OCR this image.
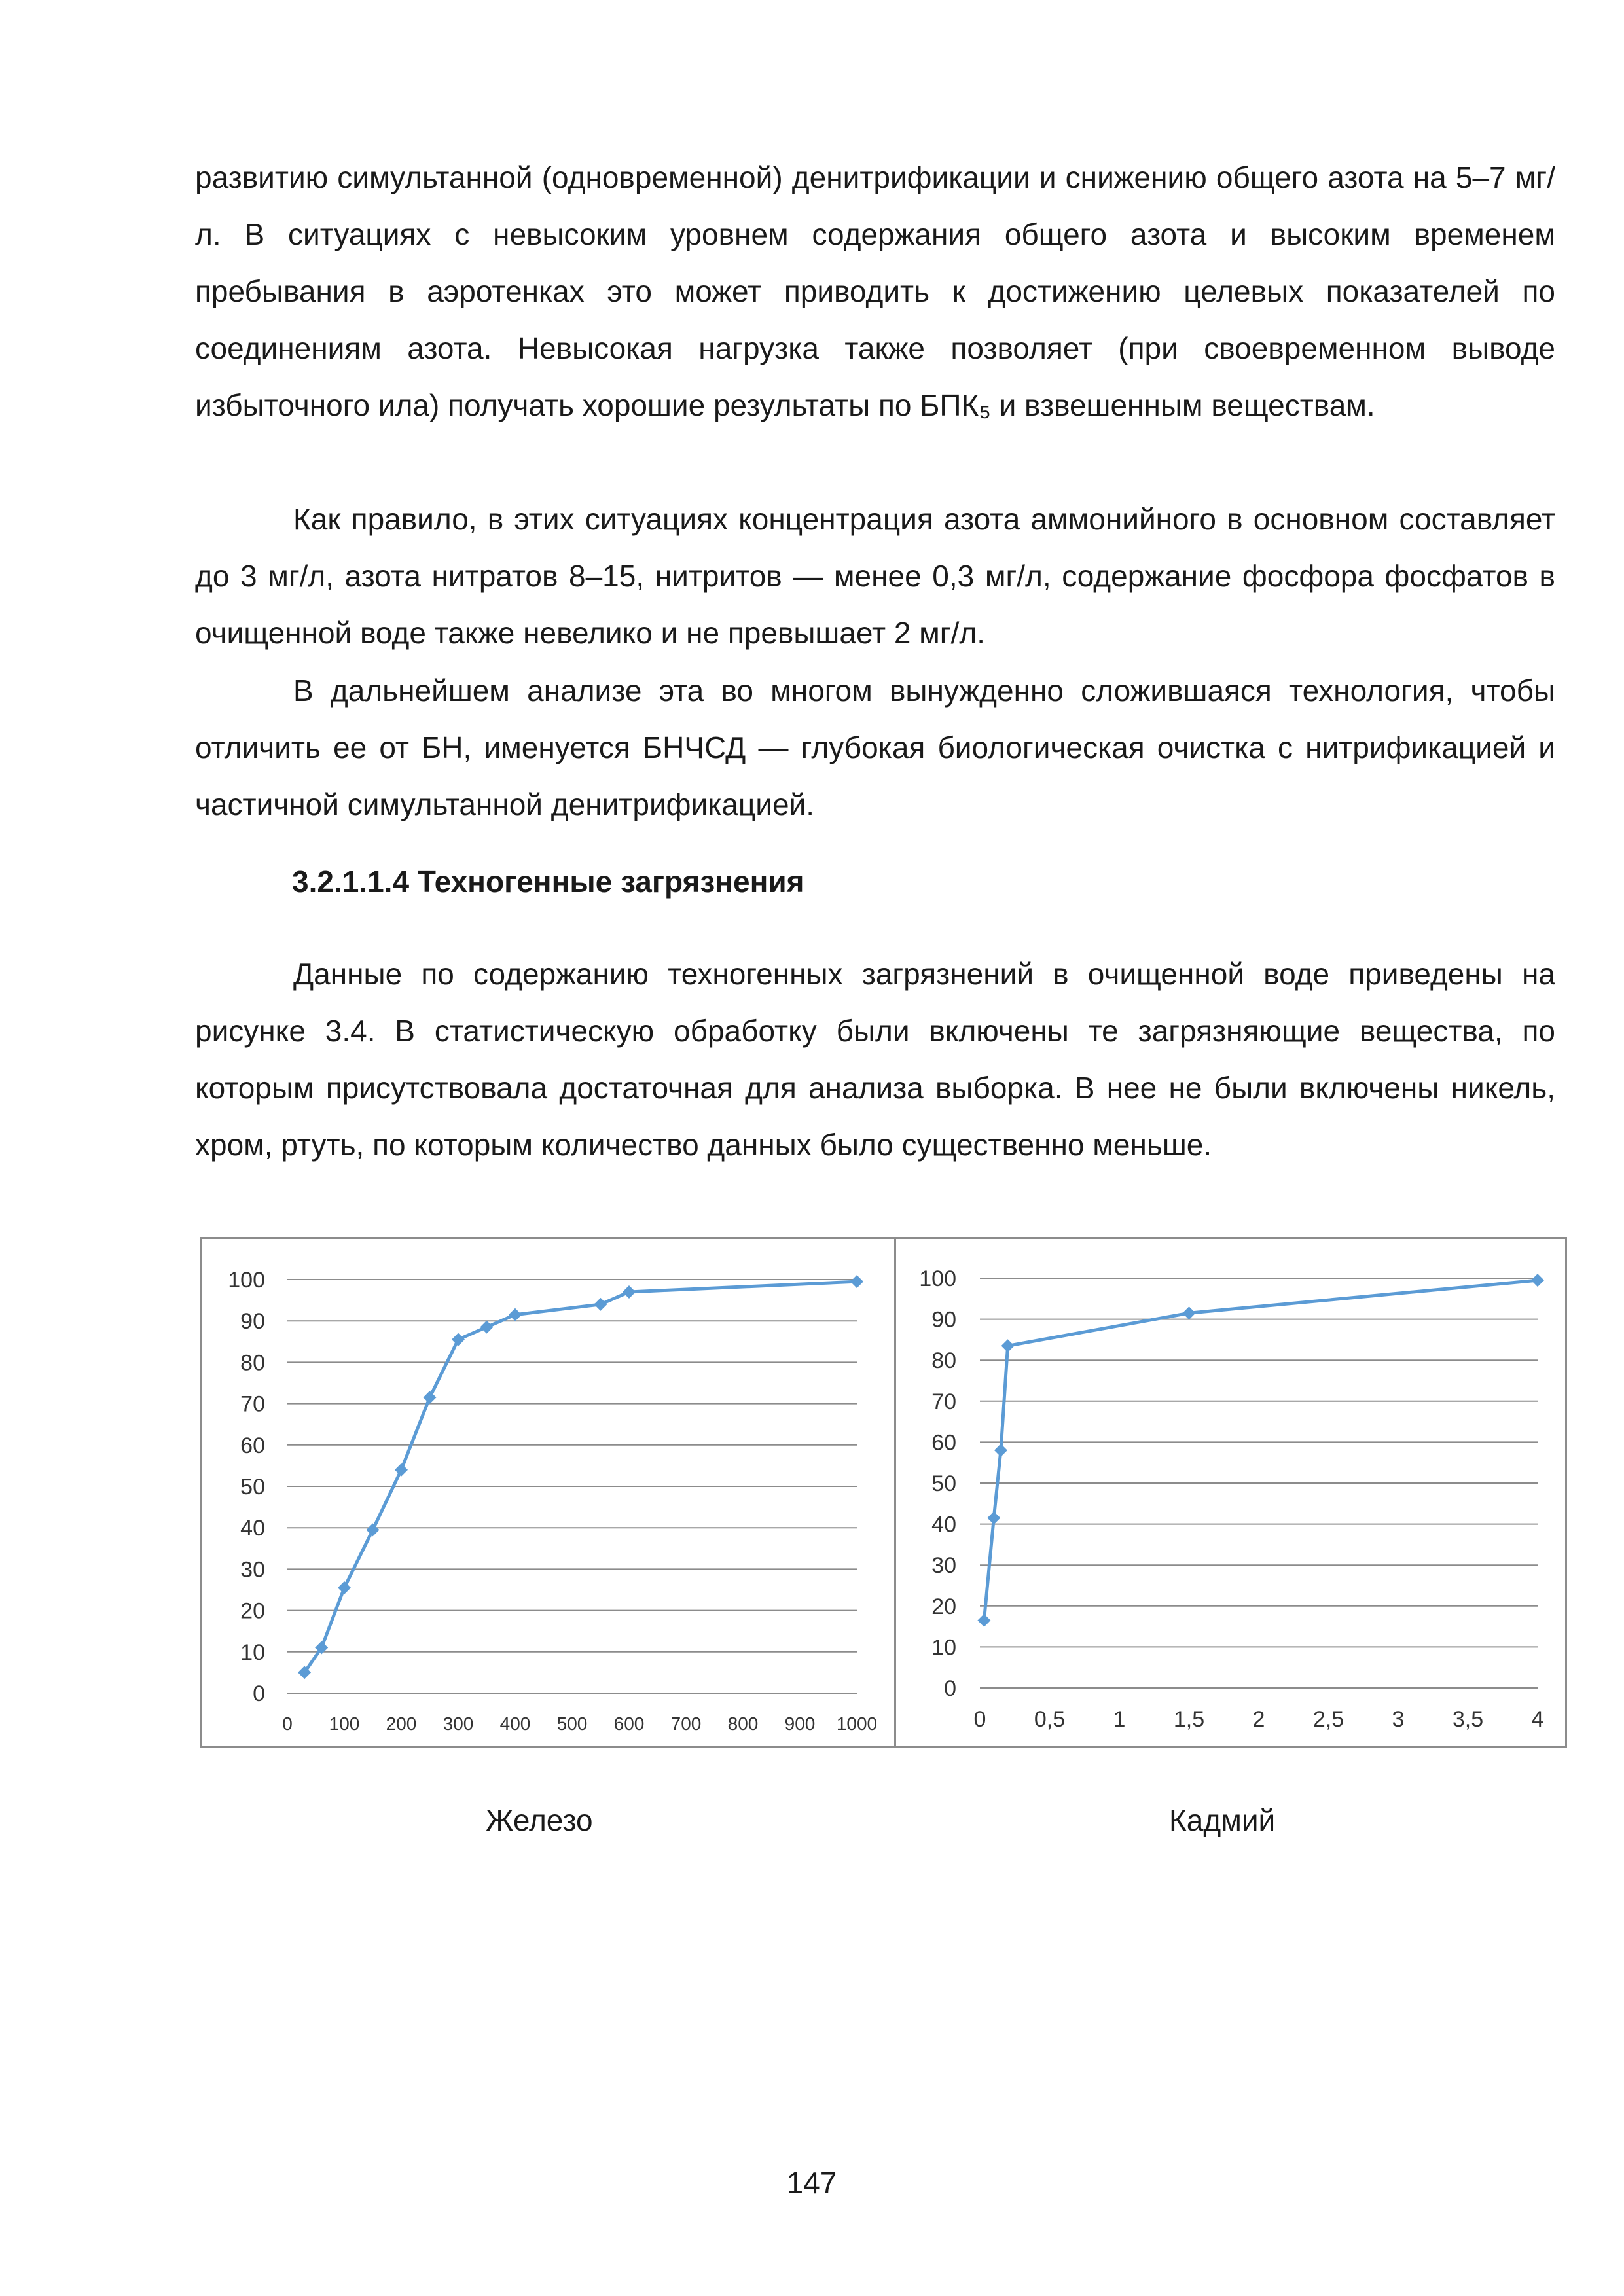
развитию симультанной (одновременной) денитрификации и снижению общего азота на 5–7 мг/л. В ситуациях с невысоким уровнем содержания общего азота и высоким временем пребывания в аэротенках это может приводить к достижению целевых показателей по соединениям азота. Невысокая нагрузка также позволяет (при своевременном выводе избыточного ила) получать хорошие результаты по БПК₅ и взвешенным веществам.

Как правило, в этих ситуациях концентрация азота аммонийного в основном составляет до 3 мг/л, азота нитратов 8–15, нитритов — менее 0,3 мг/л, содержание фосфора фосфатов в очищенной воде также невелико и не превышает 2 мг/л.

В дальнейшем анализе эта во многом вынужденно сложившаяся технология, чтобы отличить ее от БН, именуется БНЧСД — глубокая биологическая очистка с нитрификацией и частичной симультанной денитрификацией.

3.2.1.1.4 Техногенные загрязнения

Данные по содержанию техногенных загрязнений в очищенной воде приведены на рисунке 3.4. В статистическую обработку были включены те загрязняющие вещества, по которым присутствовала достаточная для анализа выборка. В нее не были включены никель, хром, ртуть, по которым количество данных было существенно меньше.

0
10
20
30
40
50
60
70
80
90
100
0 100 200 300 400 500 600 700 800 900 1000
0
10
20
30
40
50
60
70
80
90
100
0 0,5 1 1,5 2 2,5 3 3,5 4
Железо	Кадмий
147
